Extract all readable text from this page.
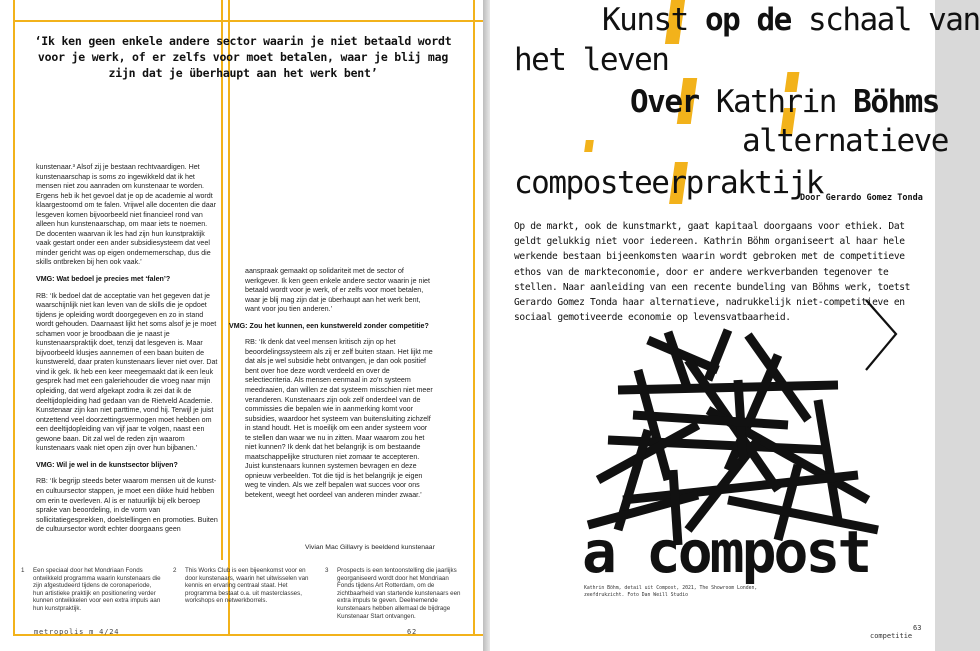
‘Ik ken geen enkele andere sector waarin je niet betaald wordt voor je werk, of er zelfs voor moet betalen, waar je blij mag zijn dat je überhaupt aan het werk bent’

kunstenaar.³ Alsof zij je bestaan rechtvaardigen. Het kunstenaarschap is soms zo ingewikkeld dat ik het mensen niet zou aanraden om kunstenaar te worden. Ergens heb ik het gevoel dat je op de academie al wordt klaargestoomd om te falen. Vrijwel alle docenten die daar lesgeven komen bijvoorbeeld niet financieel rond van alleen hun kunstenaarschap, om maar iets te noemen. De docenten waarvan ik les had zijn hun kunstpraktijk vaak gestart onder een ander subsidiesysteem dat veel minder gericht was op eigen ondernemerschap, dus die skills ontbreken bij hen ook vaak.’

VMG: Wat bedoel je precies met ‘falen’?

RB: ‘Ik bedoel dat de acceptatie van het gegeven dat je waarschijnlijk niet kan leven van de skills die je opdoet tijdens je opleiding wordt doorgegeven en zo in stand wordt gehouden. Daarnaast lijkt het soms alsof je je moet schamen voor je broodbaan die je naast je kunstenaarspraktijk doet, tenzij dat lesgeven is. Maar bijvoorbeeld klusjes aannemen of een baan buiten de kunstwereld, daar praten kunstenaars liever niet over. Dat vind ik gek. Ik heb een keer meegemaakt dat ik een leuk gesprek had met een galeriehouder die vroeg naar mijn opleiding, dat werd afgekapt zodra ik zei dat ik de deeltijdopleiding had gedaan van de Rietveld Academie. Kunstenaar zijn kan niet parttime, vond hij. Terwijl je juist ontzettend veel doorzettingsvermogen moet hebben om een deeltijdopleiding van vijf jaar te volgen, naast een gewone baan. Dit zal wel de reden zijn waarom kunstenaars vaak niet open zijn over hun bijbanen.’

VMG: Wil je wel in de kunstsector blijven?

RB: ‘Ik begrijp steeds beter waarom mensen uit de kunst- en cultuursector stappen, je moet een dikke huid hebben om erin te overleven. Al is er natuurlijk bij elk beroep sprake van beoordeling, in de vorm van sollicitatiegesprekken, doelstellingen en promoties. Buiten de cultuursector wordt echter doorgaans geen

aanspraak gemaakt op solidariteit met de sector of werkgever. Ik ken geen enkele andere sector waarin je niet betaald wordt voor je werk, of er zelfs voor moet betalen, waar je blij mag zijn dat je überhaupt aan het werk bent, want voor jou tien anderen.’

VMG: Zou het kunnen, een kunstwereld zonder competitie?

RB: ‘Ik denk dat veel mensen kritisch zijn op het beoordelingssysteem als zij er zelf buiten staan. Het lijkt me dat als je wel subsidie hebt ontvangen, je dan ook positief bent over hoe deze wordt verdeeld en over de selectiecriteria. Als mensen eenmaal in zo'n systeem meedraaien, dan willen ze dat systeem misschien niet meer veranderen. Kunstenaars zijn ook zelf onderdeel van de commissies die bepalen wie in aanmerking komt voor subsidies, waardoor het systeem van buitensluiting zichzelf in stand houdt. Het is moeilijk om een ander systeem voor te stellen dan waar we nu in zitten. Maar waarom zou het niet kunnen? Ik denk dat het belangrijk is om bestaande maatschappelijke structuren niet zomaar te accepteren. Juist kunstenaars kunnen systemen bevragen en deze opnieuw verbeelden. Tot die tijd is het belangrijk je eigen weg te vinden. Als we zelf bepalen wat succes voor ons betekent, weegt het oordeel van anderen minder zwaar.’

Vivian Mac Gillavry is beeldend kunstenaar
1 Een speciaal door het Mondriaan Fonds ontwikkeld programma waarin kunstenaars die zijn afgestudeerd tijdens de coronaperiode, hun artistieke praktijk en positionering verder kunnen ontwikkelen voor een extra impuls aan hun kunstpraktijk.
2 This Works Club is een bijeenkomst voor en door kunstenaars, waarin het uitwisselen van kennis en ervaring centraal staat. Het programma bestaat o.a. uit masterclasses, workshops en netwerkborrels.
3 Prospects is een tentoonstelling die jaarlijks georganiseerd wordt door het Mondriaan Fonds tijdens Art Rotterdam, om de zichtbaarheid van startende kunstenaars een extra impuls te geven. Deelnemende kunstenaars hebben allemaal de bijdrage Kunstenaar Start ontvangen.
metropolis m 4/24	62
Kunst op de schaal van
het leven
Over Kathrin Böhms
alternatieve
composteerpraktijk
Door Gerardo Gomez Tonda
Op de markt, ook de kunstmarkt, gaat kapitaal doorgaans voor ethiek. Dat geldt gelukkig niet voor iedereen. Kathrin Böhm organiseert al haar hele werkende bestaan bijeenkomsten waarin wordt gebroken met de competitieve ethos van de markteconomie, door er andere werkverbanden tegenover te stellen. Naar aanleiding van een recente bundeling van Böhms werk, toetst Gerardo Gomez Tonda haar alternatieve, nadrukkelijk niet-competitieve en sociaal gemotiveerde economie op levensvatbaarheid.
a compost
Kathrin Böhm, detail uit Compost, 2021, The Showroom Londen, zeefdrukzicht. Foto Dan Weill Studio
competitie
63
